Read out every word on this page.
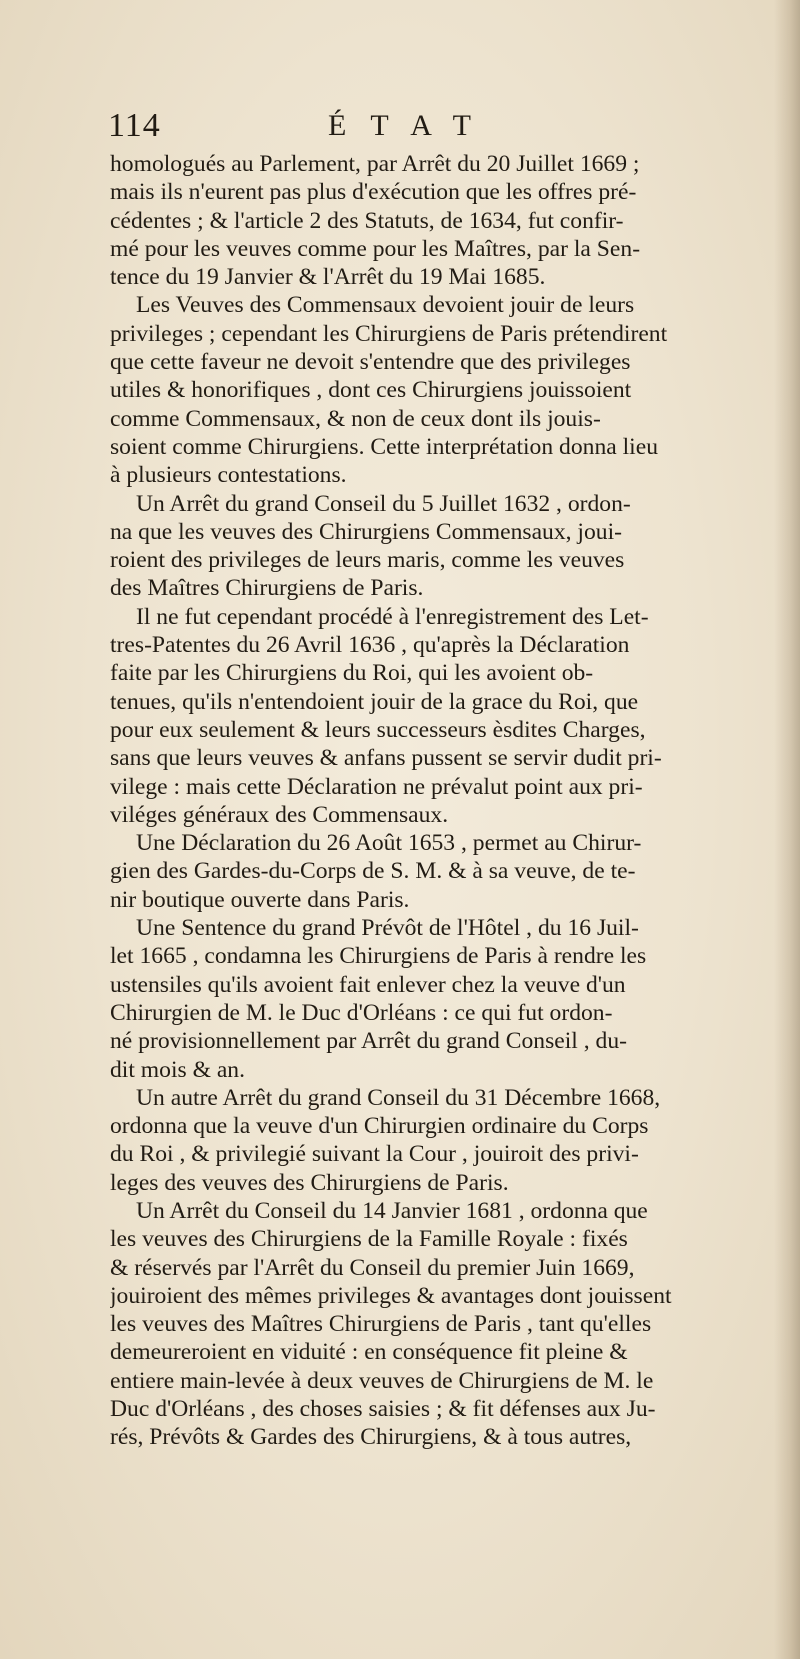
114	ÉTAT
homologués au Parlement, par Arrêt du 20 Juillet 1669 ;
mais ils n'eurent pas plus d'exécution que les offres pré-
cédentes ; & l'article 2 des Statuts, de 1634, fut confir-
mé pour les veuves comme pour les Maîtres, par la Sen-
tence du 19 Janvier & l'Arrêt du 19 Mai 1685.
Les Veuves des Commensaux devoient jouir de leurs
privileges ; cependant les Chirurgiens de Paris prétendirent
que cette faveur ne devoit s'entendre que des privileges
utiles & honorifiques , dont ces Chirurgiens jouissoient
comme Commensaux, & non de ceux dont ils jouis-
soient comme Chirurgiens. Cette interprétation donna lieu
à plusieurs contestations.
Un Arrêt du grand Conseil du 5 Juillet 1632 , ordon-
na que les veuves des Chirurgiens Commensaux, joui-
roient des privileges de leurs maris, comme les veuves
des Maîtres Chirurgiens de Paris.
Il ne fut cependant procédé à l'enregistrement des Let-
tres-Patentes du 26 Avril 1636 , qu'après la Déclaration
faite par les Chirurgiens du Roi, qui les avoient ob-
tenues, qu'ils n'entendoient jouir de la grace du Roi, que
pour eux seulement & leurs successeurs èsdites Charges,
sans que leurs veuves & anfans pussent se servir dudit pri-
vilege : mais cette Déclaration ne prévalut point aux pri-
viléges généraux des Commensaux.
Une Déclaration du 26 Août 1653 , permet au Chirur-
gien des Gardes-du-Corps de S. M. & à sa veuve, de te-
nir boutique ouverte dans Paris.
Une Sentence du grand Prévôt de l'Hôtel , du 16 Juil-
let 1665 , condamna les Chirurgiens de Paris à rendre les
ustensiles qu'ils avoient fait enlever chez la veuve d'un
Chirurgien de M. le Duc d'Orléans : ce qui fut ordon-
né provisionnellement par Arrêt du grand Conseil , du-
dit mois & an.
Un autre Arrêt du grand Conseil du 31 Décembre 1668,
ordonna que la veuve d'un Chirurgien ordinaire du Corps
du Roi , & privilegié suivant la Cour , jouiroit des privi-
leges des veuves des Chirurgiens de Paris.
Un Arrêt du Conseil du 14 Janvier 1681 , ordonna que
les veuves des Chirurgiens de la Famille Royale : fixés
& réservés par l'Arrêt du Conseil du premier Juin 1669,
jouiroient des mêmes privileges & avantages dont jouissent
les veuves des Maîtres Chirurgiens de Paris , tant qu'elles
demeureroient en viduité : en conséquence fit pleine &
entiere main-levée à deux veuves de Chirurgiens de M. le
Duc d'Orléans , des choses saisies ; & fit défenses aux Ju-
rés, Prévôts & Gardes des Chirurgiens, & à tous autres,
